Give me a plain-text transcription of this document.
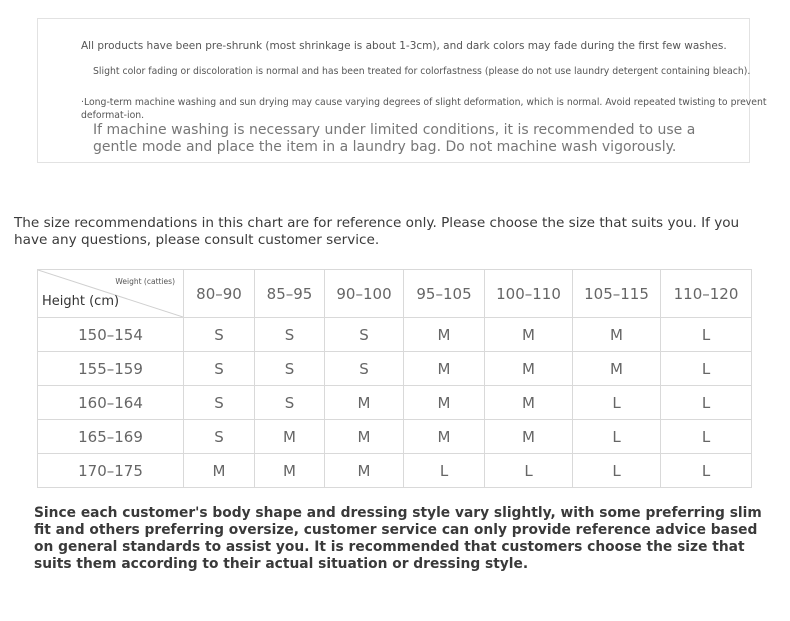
All products have been pre-shrunk (most shrinkage is about 1-3cm), and dark colors may fade during the first few washes.
Slight color fading or discoloration is normal and has been treated for colorfastness (please do not use laundry detergent containing bleach).
·Long-term machine washing and sun drying may cause varying degrees of slight deformation, which is normal. Avoid repeated twisting to prevent deformat-ion.
If machine washing is necessary under limited conditions, it is recommended to use a gentle mode and place the item in a laundry bag. Do not machine wash vigorously.
The size recommendations in this chart are for reference only. Please choose the size that suits you. If you have any questions, please consult customer service.
Weight (catties)
Height (cm)	80–90	85–95	90–100	95–105	100–110	105–115	110–120
150–154	S	S	S	M	M	M	L
155–159	S	S	S	M	M	M	L
160–164	S	S	M	M	M	L	L
165–169	S	M	M	M	M	L	L
170–175	M	M	M	L	L	L	L
Since each customer's body shape and dressing style vary slightly, with some preferring slim fit and others preferring oversize, customer service can only provide reference advice based on general standards to assist you. It is recommended that customers choose the size that suits them according to their actual situation or dressing style.
